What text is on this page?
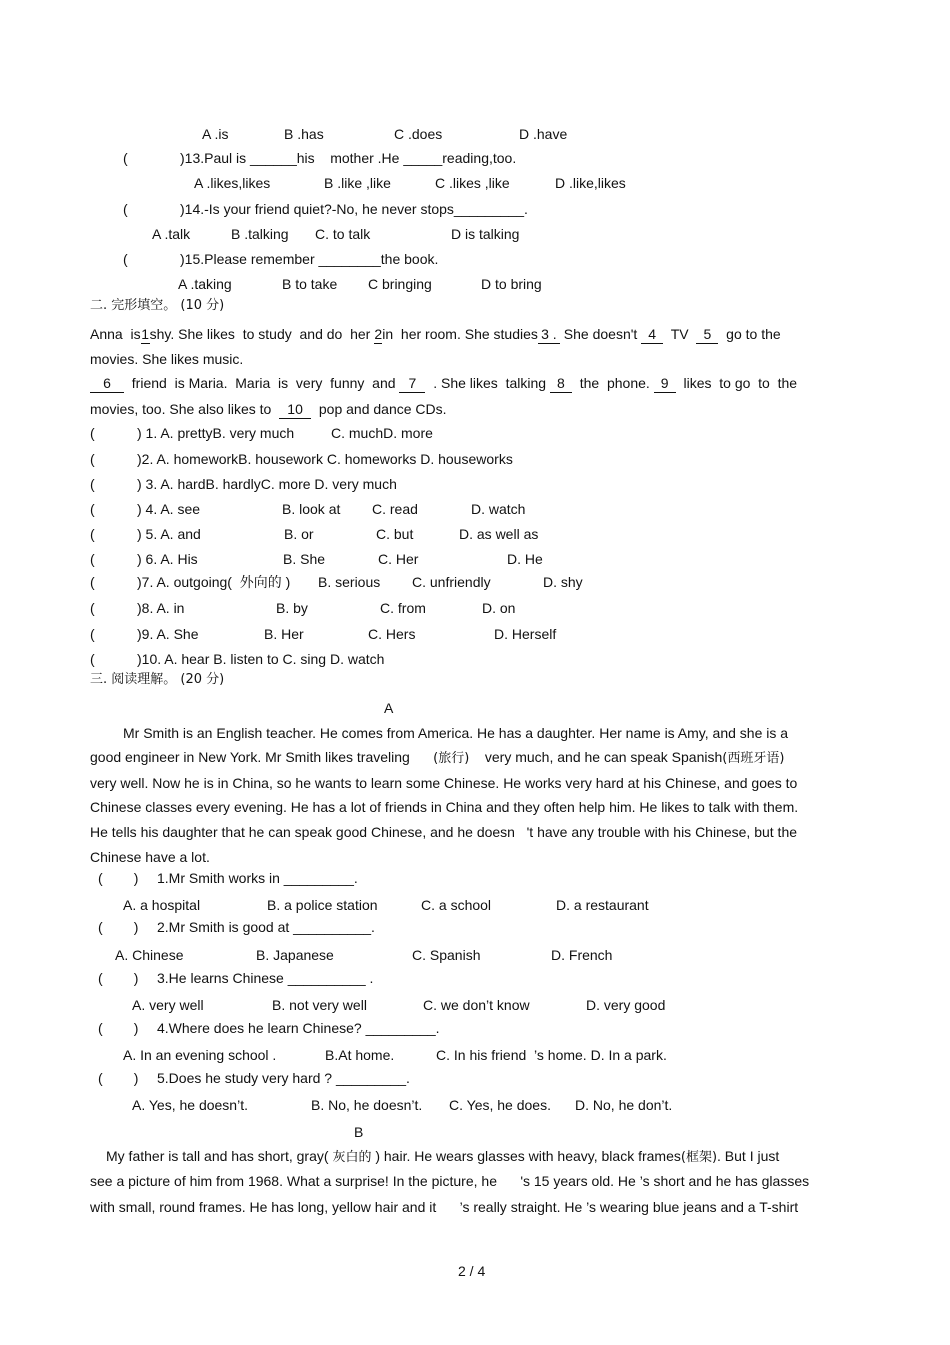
A .is	B .has	C .does	D .have
(	)13.Paul is ______his    mother .He _____reading,too.
A .likes,likes	B .like ,like	C .likes ,like	D .like,likes
(	)14.-Is your friend quiet?-No, he never stops_________.
A .talk	B .talking C. to talk	D is talking
(	)15.Please remember ________the book.
A .taking	B to take C bringing	D to bring
二. 完形填空。 (10 分)
Anna  is1shy. She likes  to study  and do  her 2in  her room. She studies 3 . She doesn't 4  TV  5  go to the
movies. She likes music.
6  friend  is Maria.  Maria  is  very  funny  and 7  . She likes  talking 8  the  phone. 9  likes  to go  to  the
movies, too. She also likes to  10  pop and dance CDs.
(	) 1. A. prettyB. very much	C. muchD. more
(	)2. A. homeworkB. housework C. homeworks D. houseworks
(	) 3. A. hardB. hardlyC. more D. very much
(	) 4. A. see	B. look at C. read	D. watch
(	) 5. A. and	B. or	C. but	D. as well as
(	) 6. A. His	B. She	C. Her	D. He
(	)7. A. outgoing(  外向的 ) B. serious C. unfriendly	D. shy
(	)8. A. in	B. by	C. from	D. on
(	)9. A. She	B. Her	C. Hers	D. Herself
(	)10. A. hear B. listen to C. sing D. watch
三. 阅读理解。 (20 分)
A
Mr Smith is an English teacher. He comes from America. He has a daughter. Her name is Amy, and she is a
good engineer in New York. Mr Smith likes traveling (旅行) very much, and he can speak Spanish(西班牙语)
very well. Now he is in China, so he wants to learn some Chinese. He works very hard at his Chinese, and goes to
Chinese classes every evening. He has a lot of friends in China and they often help him. He likes to talk with them.
He tells his daughter that he can speak good Chinese, and he doesn   't have any trouble with his Chinese, but the
Chinese have a lot.
(        ) 1.Mr Smith works in _________.
A. a hospital	B. a police station	C. a school	D. a restaurant
(        ) 2.Mr Smith is good at __________.
A. Chinese	B. Japanese	C. Spanish	D. French
(        ) 3.He learns Chinese __________ .
A. very well	B. not very well	C. we don’t know	D. very good
(        ) 4.Where does he learn Chinese? _________.
A. In an evening school .	B.At home.	C. In his friend  ’s home. D. In a park.
(        ) 5.Does he study very hard ? _________.
A. Yes, he doesn’t.	B. No, he doesn’t. C. Yes, he does. D. No, he don’t.
B
My father is tall and has short, gray( 灰白的 ) hair. He wears glasses with heavy, black frames(框架). But I just
see a picture of him from 1968. What a surprise! In the picture, he      's 15 years old. He ’s short and he has glasses
with small, round frames. He has long, yellow hair and it      ’s really straight. He ’s wearing blue jeans and a T-shirt
2 / 4
